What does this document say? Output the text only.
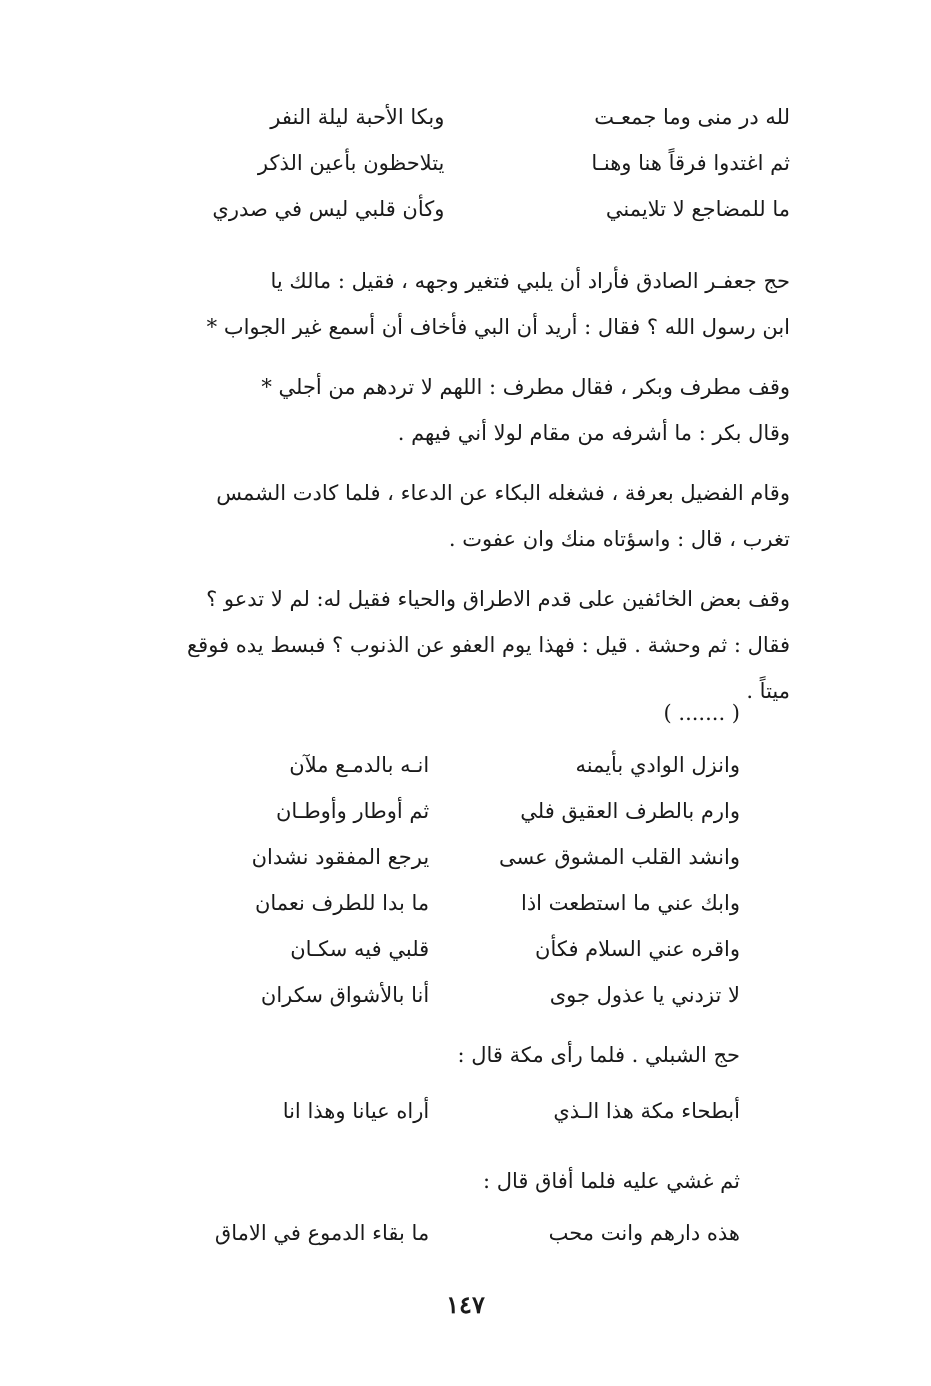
لله در منى وما جمعـت
وبكا الأحبة ليلة النفر
ثم اغتدوا فرقاً هنا وهنـا
يتلاحظون بأعين الذكر
ما للمضاجع لا تلايمني
وكأن قلبي ليس في صدري

حج جعفـر الصادق فأراد أن يلبي فتغير وجهه ، فقيل : مالك يا

ابن رسول الله ؟ فقال : أريد أن البي فأخاف أن أسمع غير الجواب *

وقف مطرف وبكر ، فقال مطرف : اللهم لا تردهم من أجلي *

وقال بكر : ما أشرفه من مقام لولا أني فيهم .

وقام الفضيل بعرفة ، فشغله البكاء عن الدعاء ، فلما كادت الشمس

تغرب ، قال : واسؤتاه منك وان عفوت .

وقف بعض الخائفين على قدم الاطراق والحياء فقيل له: لم لا تدعو ؟

فقال : ثم وحشة . قيل : فهذا يوم العفو عن الذنوب ؟ فبسط يده فوقع

ميتاً .

( ....... )
وانزل الوادي بأيمنه
انـه بالدمـع ملآن
وارم بالطرف العقيق فلي
ثم أوطار وأوطـان
وانشد القلب المشوق عسى
يرجع المفقود نشدان
وابك عني ما استطعت اذا
ما بدا للطرف نعمان
واقره عني السلام فكأن
قلبي فيه سكـان
لا تزدني يا عذول جوى
أنا بالأشواق سكران
حج الشبلي . فلما رأى مكة قال :
أبطحاء مكة هذا الـذي
أراه عيانا وهذا انا
ثم غشي عليه فلما أفاق قال :
هذه دارهم وانت محب
ما بقاء الدموع في الاماق
١٤٧
